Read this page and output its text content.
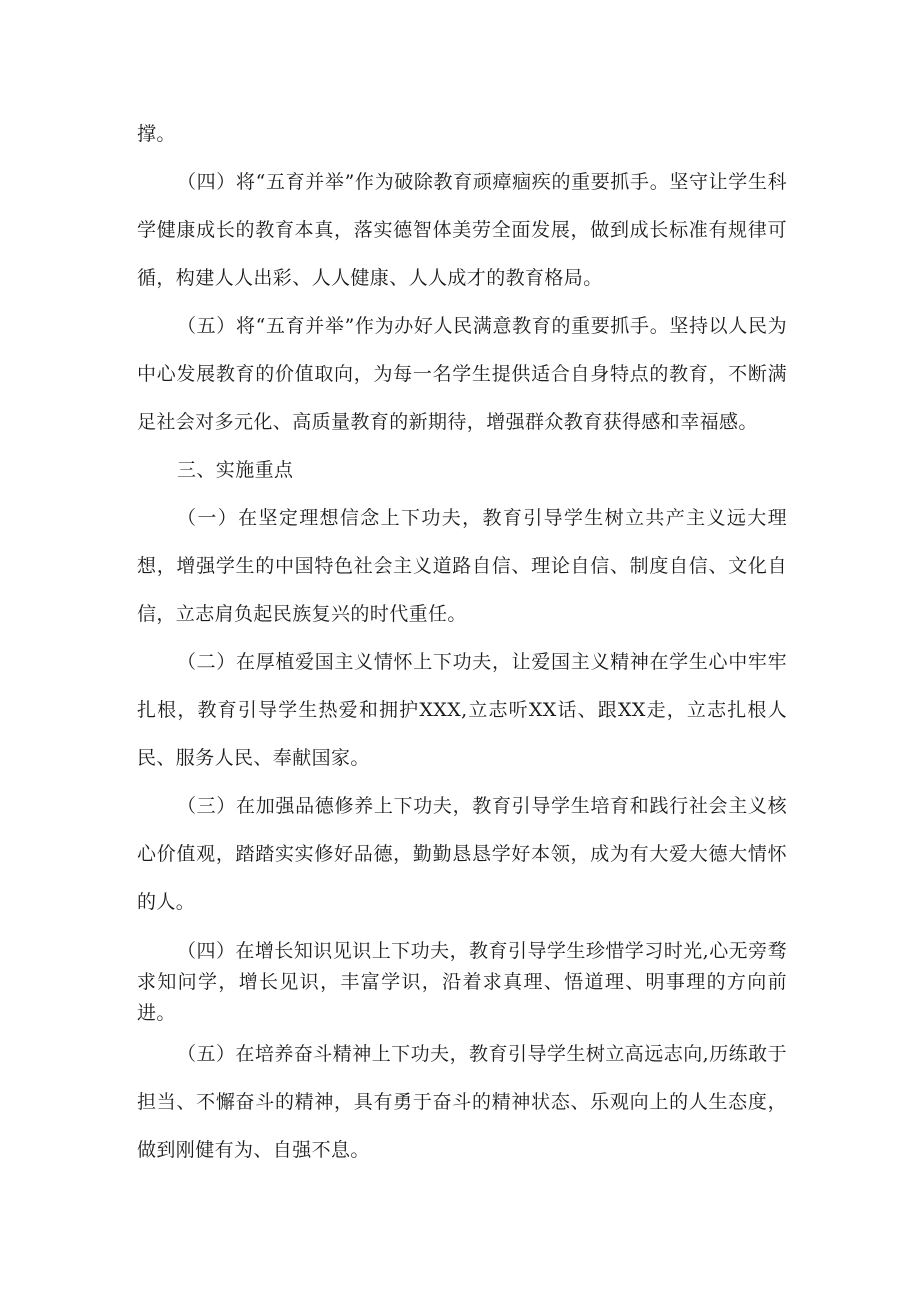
撑。

（四）将“五育并举”作为破除教育顽瘴痼疾的重要抓手。坚守让学生科学健康成长的教育本真，落实德智体美劳全面发展，做到成长标准有规律可循，构建人人出彩、人人健康、人人成才的教育格局。

（五）将“五育并举”作为办好人民满意教育的重要抓手。坚持以人民为中心发展教育的价值取向，为每一名学生提供适合自身特点的教育，不断满足社会对多元化、高质量教育的新期待，增强群众教育获得感和幸福感。

三、实施重点

（一）在坚定理想信念上下功夫，教育引导学生树立共产主义远大理想，增强学生的中国特色社会主义道路自信、理论自信、制度自信、文化自信，立志肩负起民族复兴的时代重任。

（二）在厚植爱国主义情怀上下功夫，让爱国主义精神在学生心中牢牢扎根，教育引导学生热爱和拥护XXX,立志听XX话、跟XX走，立志扎根人民、服务人民、奉献国家。

（三）在加强品德修养上下功夫，教育引导学生培育和践行社会主义核心价值观，踏踏实实修好品德，勤勤恳恳学好本领，成为有大爱大德大情怀的人。

（四）在增长知识见识上下功夫，教育引导学生珍惜学习时光,心无旁骛求知问学，增长见识，丰富学识，沿着求真理、悟道理、明事理的方向前进。

（五）在培养奋斗精神上下功夫，教育引导学生树立高远志向,历练敢于担当、不懈奋斗的精神，具有勇于奋斗的精神状态、乐观向上的人生态度，做到刚健有为、自强不息。
